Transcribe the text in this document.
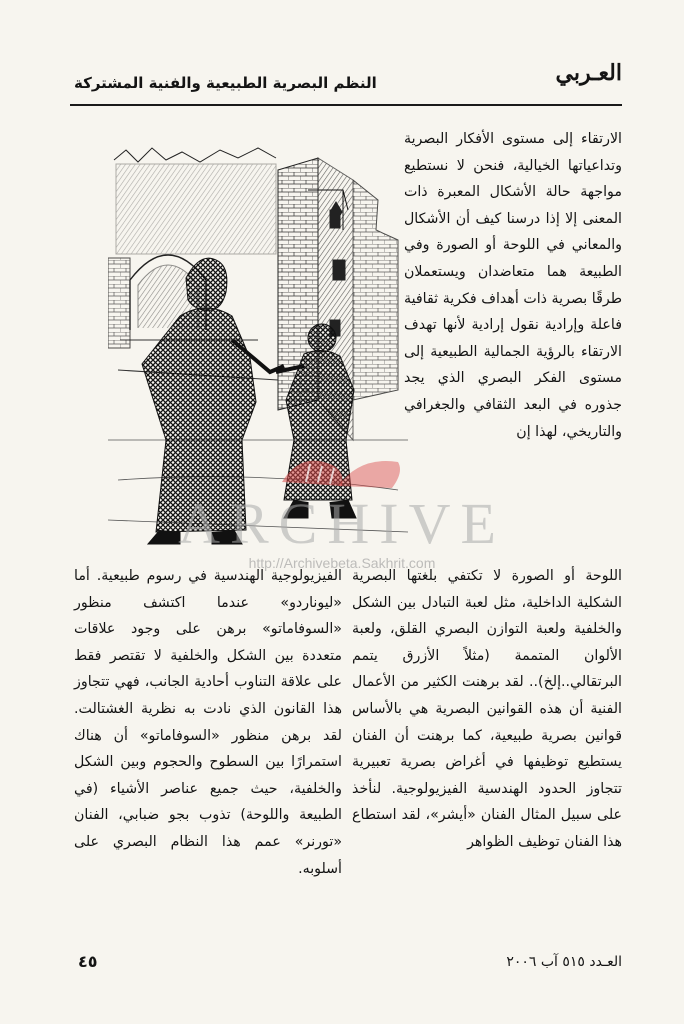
العـربي
النظم البصرية الطبيعية والفنية المشتركة
ARCHIVE
http://Archivebeta.Sakhrit.com

الارتقاء إلى مستوى الأفكار البصرية وتداعياتها الخيالية، فنحن لا نستطيع مواجهة حالة الأشكال المعبرة ذات المعنى إلا إذا درسنا كيف أن الأشكال والمعاني في اللوحة أو الصورة وفي الطبيعة هما متعاضدان ويستعملان طرقًا بصرية ذات أهداف فكرية ثقافية فاعلة وإرادية نقول إرادية لأنها تهدف الارتقاء بالرؤية الجمالية الطبيعية إلى مستوى الفكر البصري الذي يجد جذوره في البعد الثقافي والجغرافي والتاريخي، لهذا إن

اللوحة أو الصورة لا تكتفي بلغتها البصرية الشكلية الداخلية، مثل لعبة التبادل بين الشكل والخلفية ولعبة التوازن البصري القلق، ولعبة الألوان المتممة (مثلاً الأزرق يتمم البرتقالي..إلخ).. لقد برهنت الكثير من الأعمال الفنية أن هذه القوانين البصرية هي بالأساس قوانين بصرية طبيعية، كما برهنت أن الفنان يستطيع توظيفها في أغراض بصرية تعبيرية تتجاوز الحدود الهندسية الفيزيولوجية. لنأخذ على سبيل المثال الفنان «أيشر»، لقد استطاع هذا الفنان توظيف الظواهر

الفيزيولوجية الهندسية في رسوم طبيعية. أما «ليوناردو» عندما اكتشف منظور «السوفاماتو» برهن على وجود علاقات متعددة بين الشكل والخلفية لا تقتصر فقط على علاقة التناوب أحادية الجانب، فهي تتجاوز هذا القانون الذي نادت به نظرية الغشتالت. لقد برهن منظور «السوفاماتو» أن هناك استمرارًا بين السطوح والحجوم وبين الشكل والخلفية، حيث جميع عناصر الأشياء (في الطبيعة واللوحة) تذوب بجو ضبابي، الفنان «تورنر» عمم هذا النظام البصري على أسلوبه.

العـدد ٥١٥ آب ٢٠٠٦
٤٥
